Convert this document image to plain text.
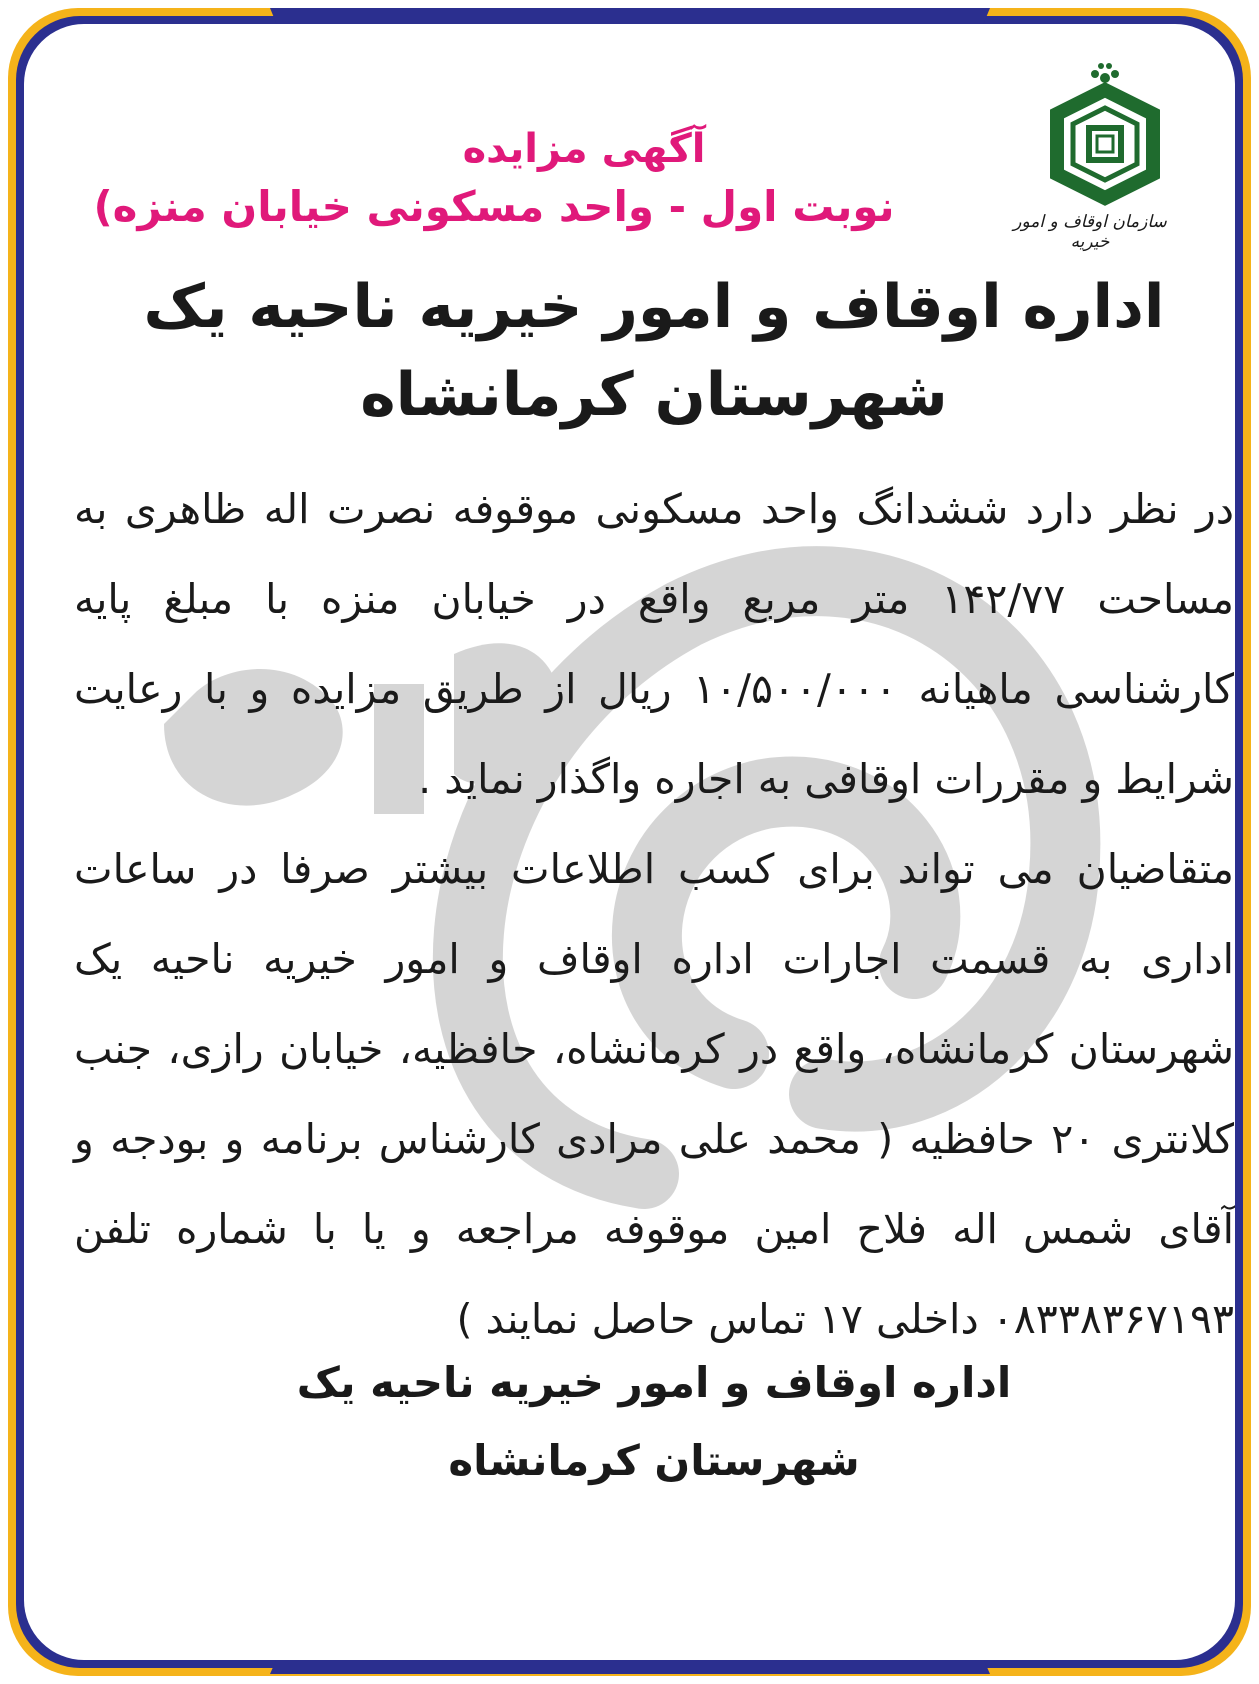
سازمان اوقاف و امور خیریه
آگهی مزایده
نوبت اول - واحد مسکونی خیابان منزه)
اداره اوقاف و امور خیریه ناحیه یک
شهرستان کرمانشاه

در نظر دارد ششدانگ واحد مسکونی موقوفه نصرت اله ظاهری به مساحت ۱۴۲/۷۷ متر مربع واقع در خیابان منزه با مبلغ پایه کارشناسی ماهیانه ۱۰/۵۰۰/۰۰۰ ریال از طریق مزایده و با رعایت شرایط و مقررات اوقافی به اجاره واگذار نماید .

متقاضیان می تواند برای کسب اطلاعات بیشتر صرفا در ساعات اداری به قسمت اجارات اداره اوقاف و امور خیریه ناحیه یک شهرستان کرمانشاه، واقع در کرمانشاه، حافظیه، خیابان رازی، جنب کلانتری ۲۰ حافظیه ( محمد علی مرادی کارشناس برنامه و بودجه و آقای شمس اله فلاح امین موقوفه مراجعه و یا با شماره تلفن ۰۸۳۳۸۳۶۷۱۹۳ داخلی ۱۷ تماس حاصل نمایند )

اداره اوقاف و امور خیریه ناحیه یک
شهرستان کرمانشاه
